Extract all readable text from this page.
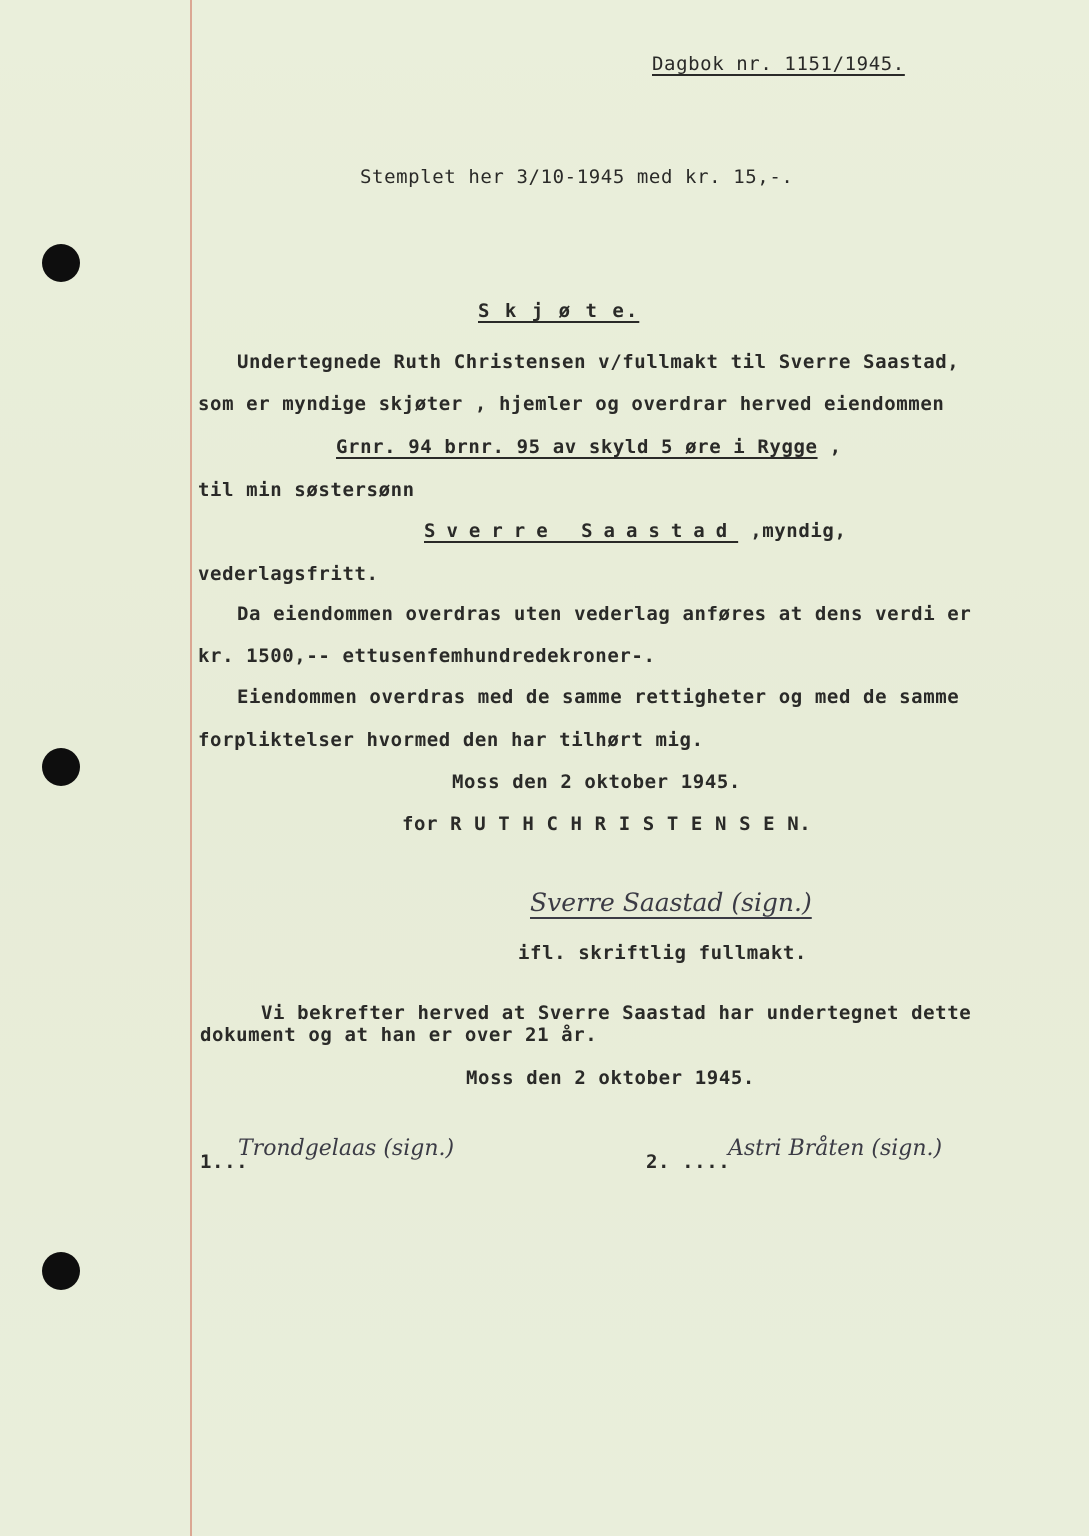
Dagbok nr. 1151/1945.
Stemplet her 3/10-1945 med kr. 15,-.
S k j ø t e.
Undertegnede Ruth Christensen v/fullmakt til Sverre Saastad,
som er myndige skjøter , hjemler og overdrar herved eiendommen
Grnr. 94 brnr. 95 av skyld 5 øre i Rygge ,
til min søstersønn
Sverre Saastad ,myndig,
vederlagsfritt.
Da eiendommen overdras uten vederlag anføres at dens verdi er
kr. 1500,-- ettusenfemhundredekroner-.
Eiendommen overdras med de samme rettigheter og med de samme
forpliktelser hvormed den har tilhørt mig.
Moss den 2 oktober 1945.
for R U T H C H R I S T E N S E N.
Sverre Saastad (sign.)
ifl. skriftlig fullmakt.
Vi bekrefter herved at Sverre Saastad har undertegnet dette
dokument og at han er over 21 år.
Moss den 2 oktober 1945.
1...
Trondgelaas (sign.)
2. ....
Astri Bråten (sign.)
